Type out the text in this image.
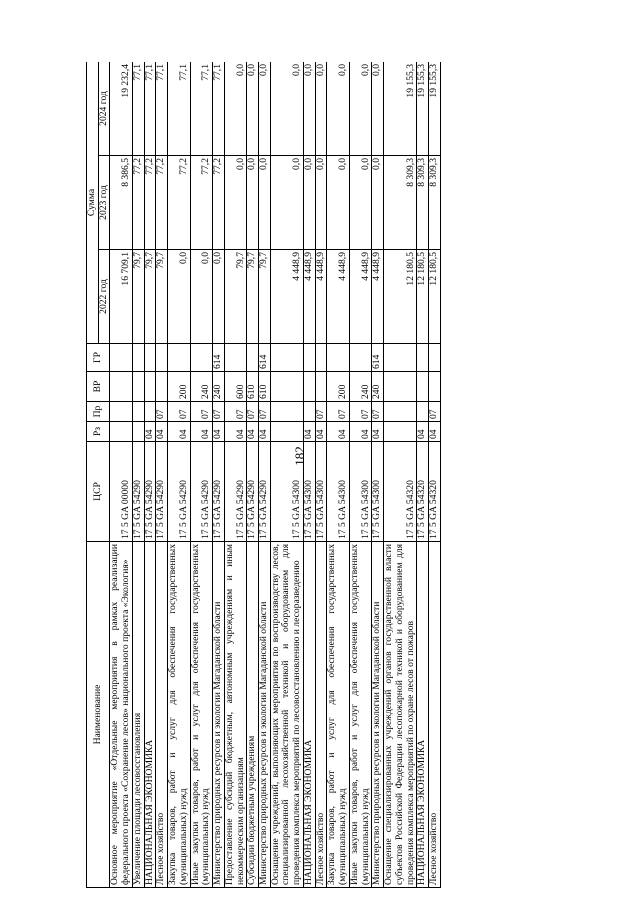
182
Наименование	ЦСР	Рз	Пр	ВР	ГР	Сумма		
						2022 год	2023 год	2024 год
Основное мероприятие «Отдельные мероприятия в рамках реализации федерального проекта «Сохранение лесов» национального проекта «Экология»	17 5 GA 00000					16 709,1	8 386,5	19 232,4
Увеличение площади лесовосстановления	17 5 GA 54290					79,7	77,2	77,1
НАЦИОНАЛЬНАЯ ЭКОНОМИКА	17 5 GA 54290	04				79,7	77,2	77,1
Лесное хозяйство	17 5 GA 54290	04	07			79,7	77,2	77,1
Закупка товаров, работ и услуг для обеспечения государственных (муниципальных) нужд	17 5 GA 54290	04	07	200		0,0	77,2	77,1
Иные закупки товаров, работ и услуг для обеспечения государственных (муниципальных) нужд	17 5 GA 54290	04	07	240		0,0	77,2	77,1
Министерство природных ресурсов и экологии Магаданской области	17 5 GA 54290	04	07	240	614	0,0	77,2	77,1
Предоставление субсидий бюджетным, автономным учреждениям и иным некоммерческим организациям	17 5 GA 54290	04	07	600		79,7	0,0	0,0
Субсидии бюджетным учреждениям	17 5 GA 54290	04	07	610		79,7	0,0	0,0
Министерство природных ресурсов и экологии Магаданской области	17 5 GA 54290	04	07	610	614	79,7	0,0	0,0
Оснащение учреждений, выполняющих мероприятия по воспроизводству лесов, специализированной лесохозяйственной техникой и оборудованием для проведения комплекса мероприятий по лесовосстановлению и лесоразведению	17 5 GA 54300					4 448,9	0,0	0,0
НАЦИОНАЛЬНАЯ ЭКОНОМИКА	17 5 GA 54300	04				4 448,9	0,0	0,0
Лесное хозяйство	17 5 GA 54300	04	07			4 448,9	0,0	0,0
Закупка товаров, работ и услуг для обеспечения государственных (муниципальных) нужд	17 5 GA 54300	04	07	200		4 448,9	0,0	0,0
Иные закупки товаров, работ и услуг для обеспечения государственных (муниципальных) нужд	17 5 GA 54300	04	07	240		4 448,9	0,0	0,0
Министерство природных ресурсов и экологии Магаданской области	17 5 GA 54300	04	07	240	614	4 448,9	0,0	0,0
Оснащение специализированных учреждений органов государственной власти субъектов Российской Федерации лесопожарной техникой и оборудованием для проведения комплекса мероприятий по охране лесов от пожаров	17 5 GA 54320					12 180,5	8 309,3	19 155,3
НАЦИОНАЛЬНАЯ ЭКОНОМИКА	17 5 GA 54320	04				12 180,5	8 309,3	19 155,3
Лесное хозяйство	17 5 GA 54320	04	07			12 180,5	8 309,3	19 155,3
